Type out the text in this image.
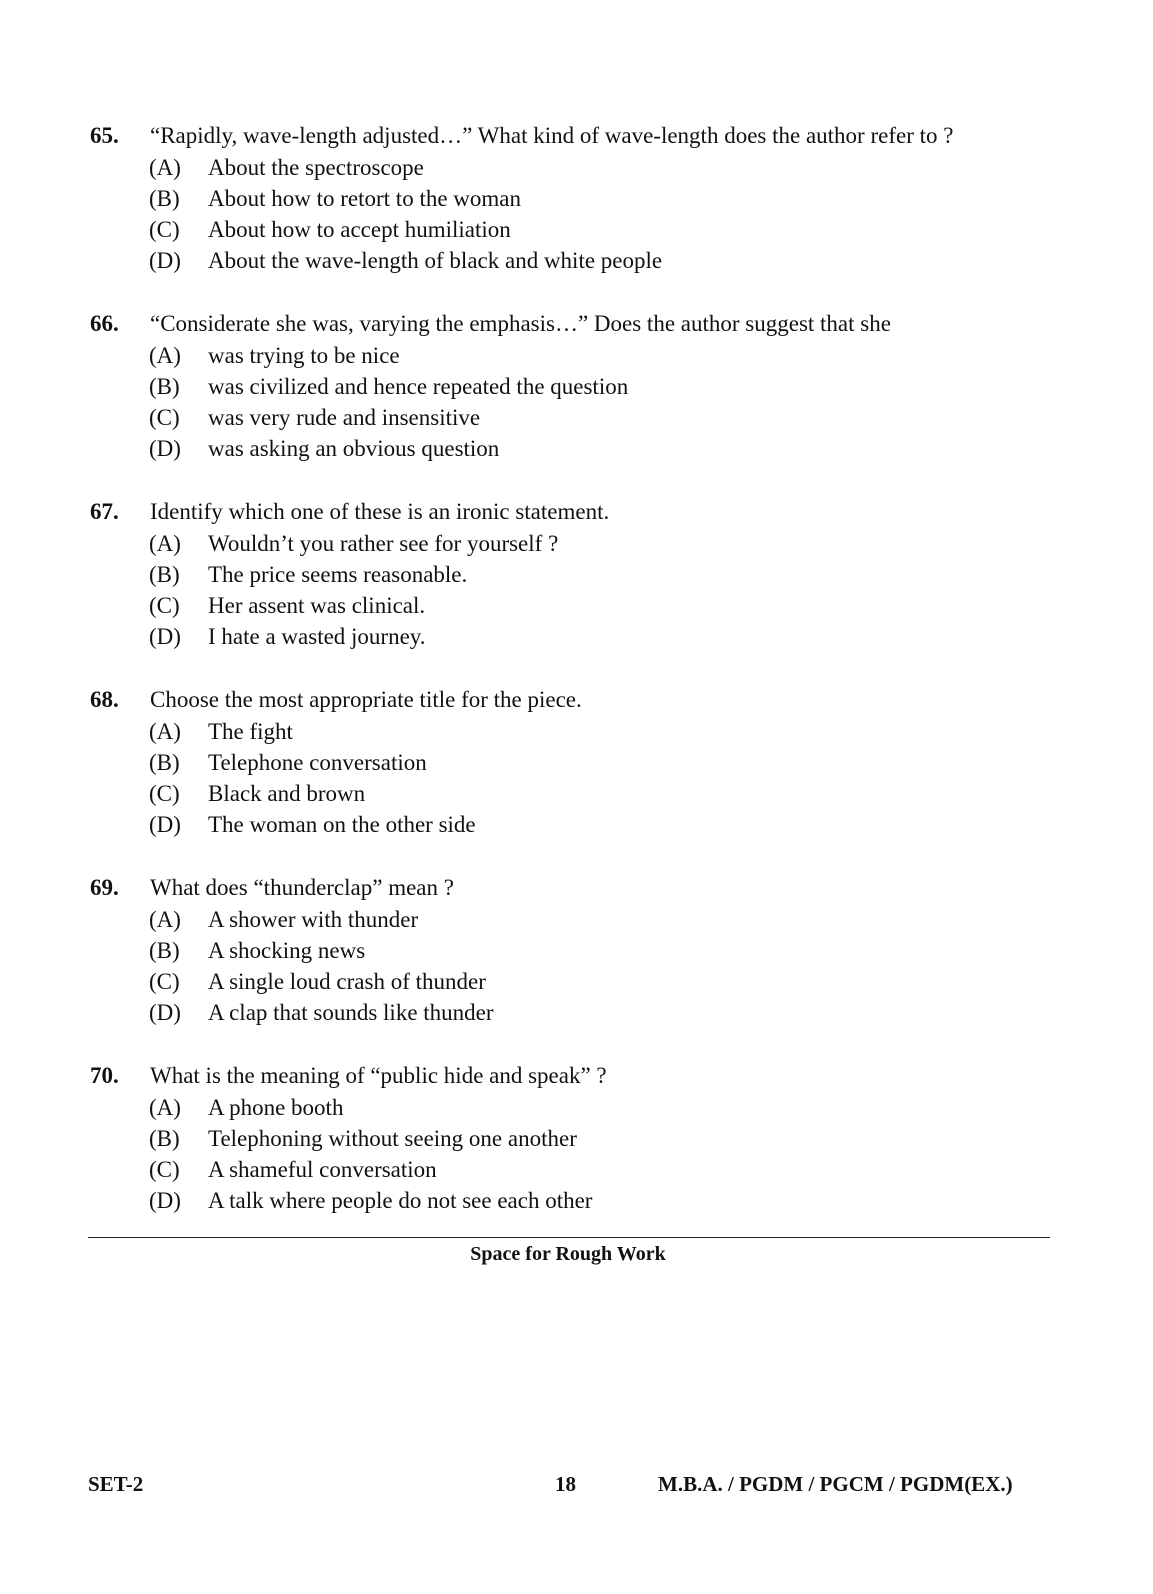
65. “Rapidly, wave-length adjusted…” What kind of wave-length does the author refer to ?
(A) About the spectroscope
(B) About how to retort to the woman
(C) About how to accept humiliation
(D) About the wave-length of black and white people
66. “Considerate she was, varying the emphasis…” Does the author suggest that she
(A) was trying to be nice
(B) was civilized and hence repeated the question
(C) was very rude and insensitive
(D) was asking an obvious question
67. Identify which one of these is an ironic statement.
(A) Wouldn’t you rather see for yourself ?
(B) The price seems reasonable.
(C) Her assent was clinical.
(D) I hate a wasted journey.
68. Choose the most appropriate title for the piece.
(A) The fight
(B) Telephone conversation
(C) Black and brown
(D) The woman on the other side
69. What does “thunderclap” mean ?
(A) A shower with thunder
(B) A shocking news
(C) A single loud crash of thunder
(D) A clap that sounds like thunder
70. What is the meaning of “public hide and speak” ?
(A) A phone booth
(B) Telephoning without seeing one another
(C) A shameful conversation
(D) A talk where people do not see each other
Space for Rough Work
SET-2	18	M.B.A. / PGDM / PGCM / PGDM(EX.)
